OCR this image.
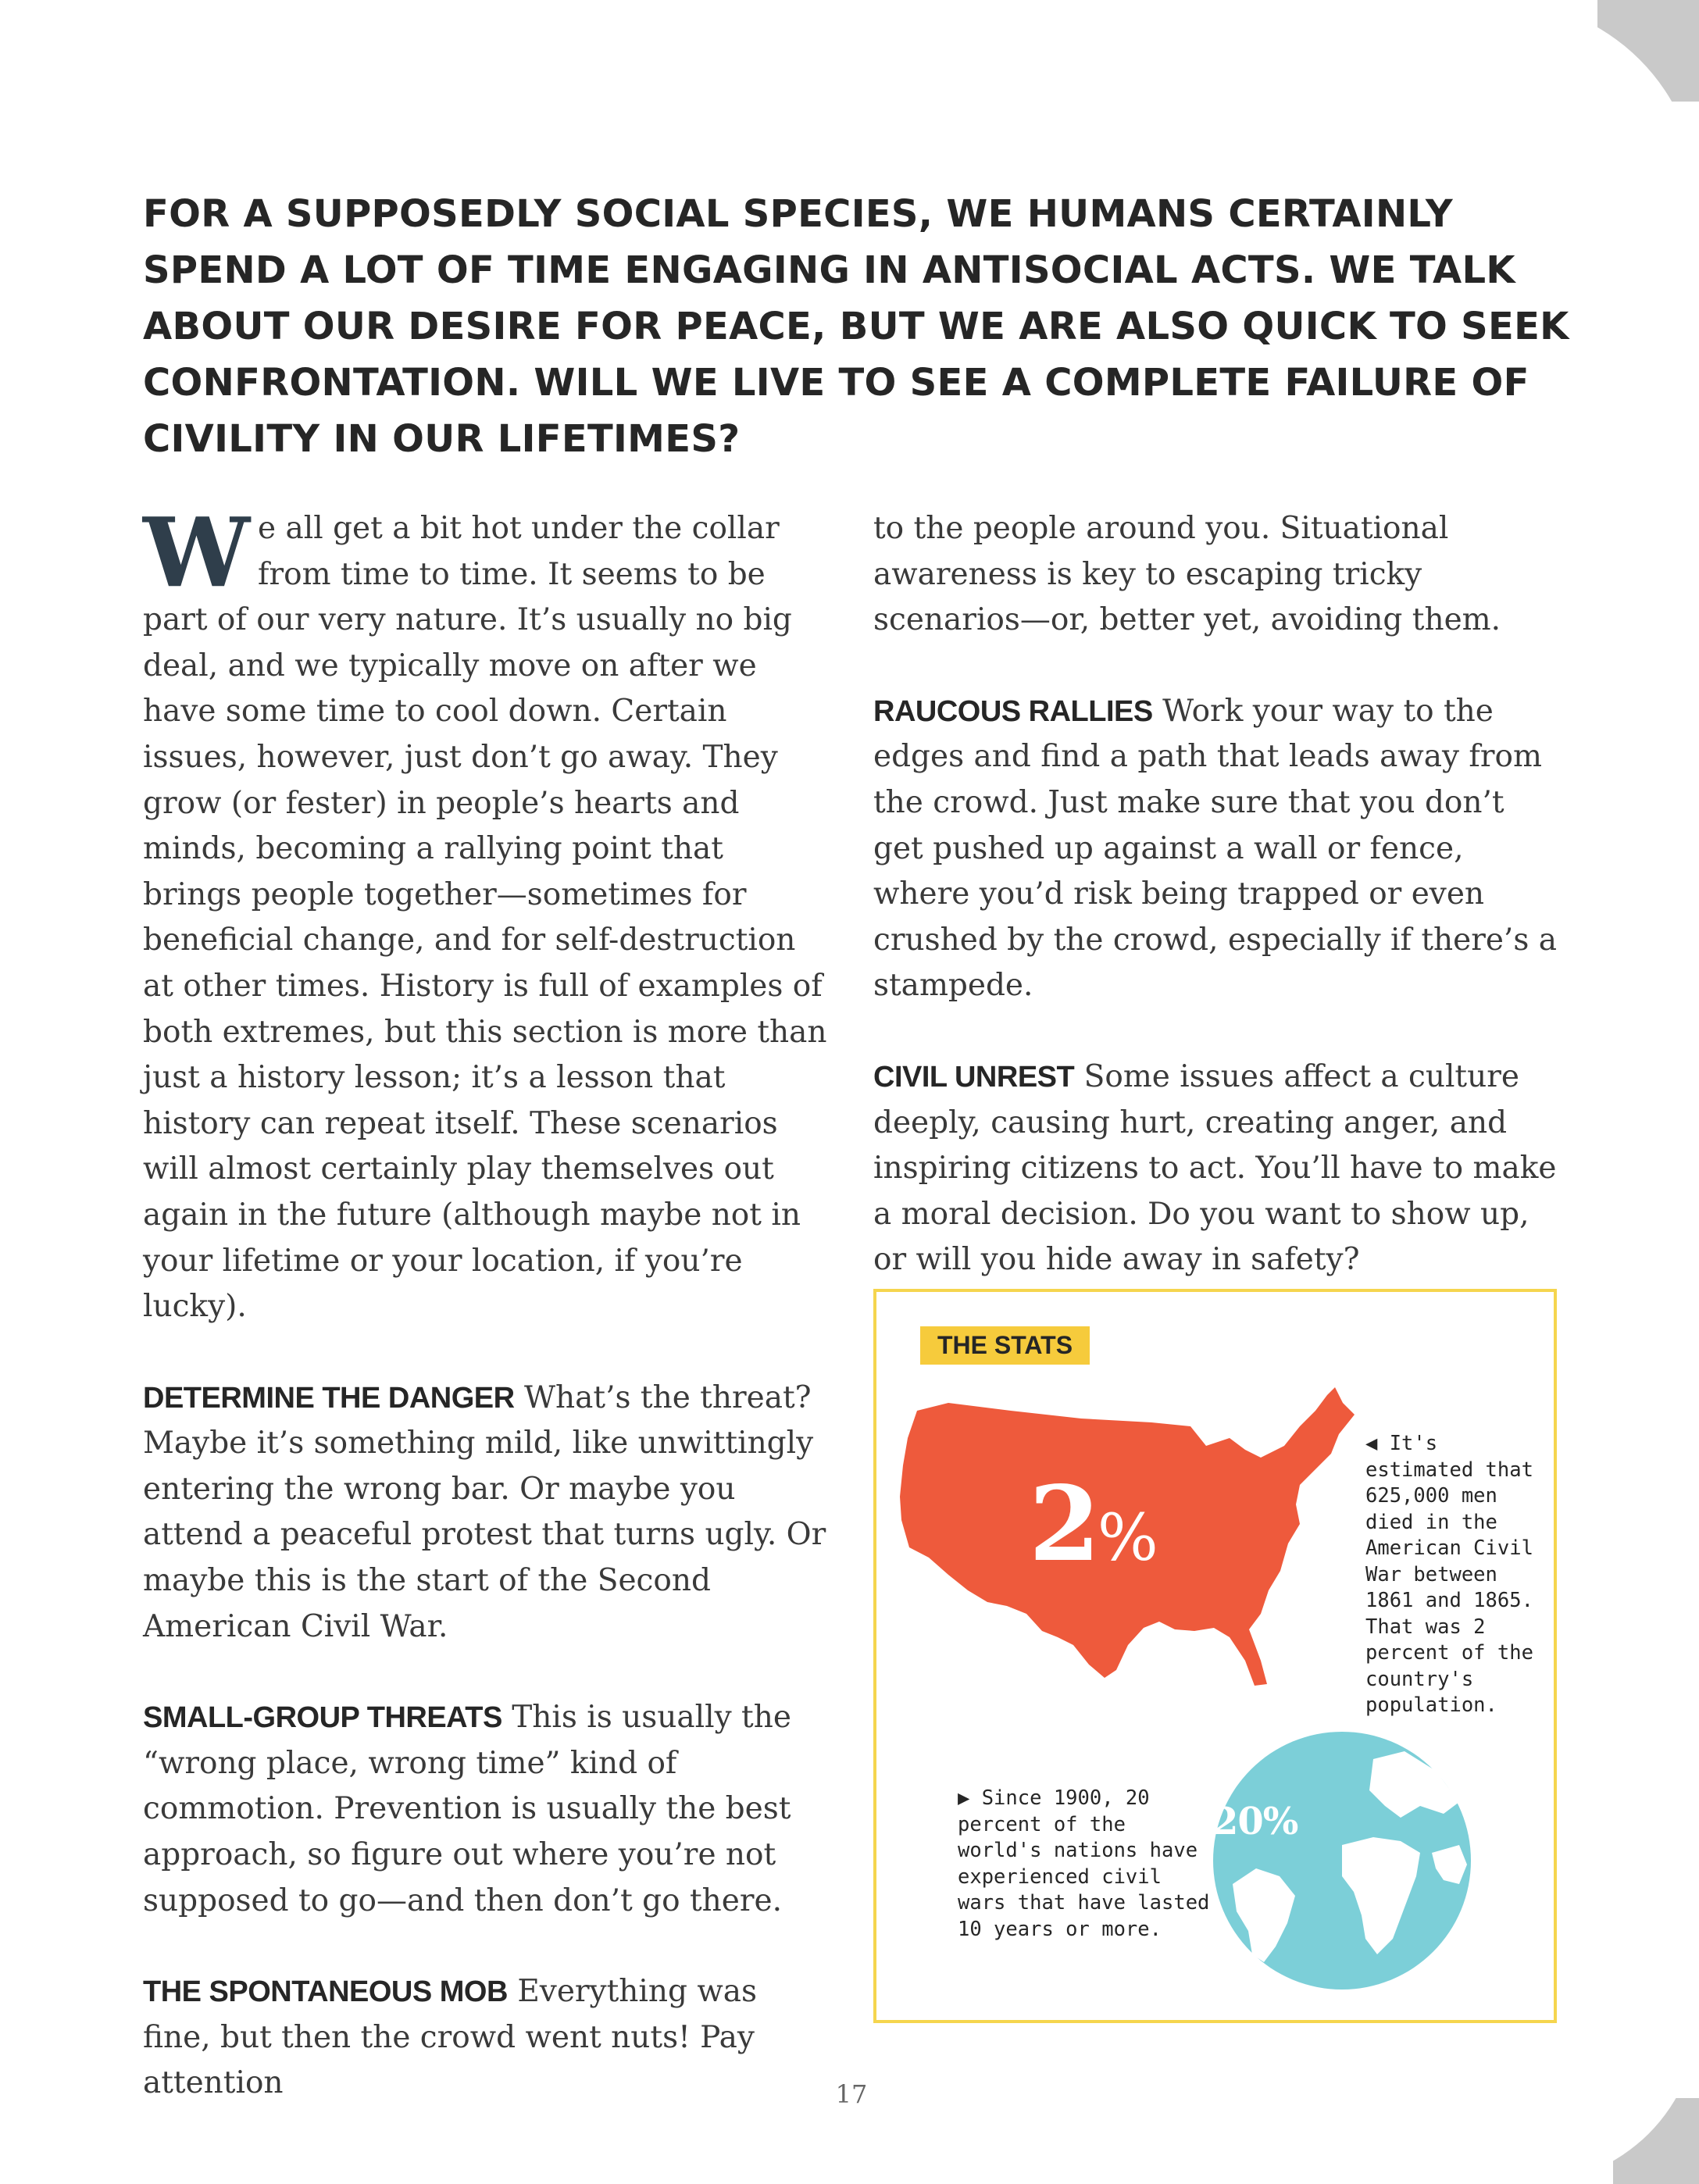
FOR A SUPPOSEDLY SOCIAL SPECIES, WE HUMANS CERTAINLY SPEND A LOT OF TIME ENGAGING IN ANTISOCIAL ACTS. WE TALK ABOUT OUR DESIRE FOR PEACE, BUT WE ARE ALSO QUICK TO SEEK CONFRONTATION. WILL WE LIVE TO SEE A COMPLETE FAILURE OF CIVILITY IN OUR LIFETIMES?

We all get a bit hot under the collar from time to time. It seems to be part of our very nature. It’s usually no big deal, and we typically move on after we have some time to cool down. Certain issues, however, just don’t go away. They grow (or fester) in people’s hearts and minds, becoming a rallying point that brings people together—sometimes for beneficial change, and for self-destruction at other times. History is full of examples of both extremes, but this section is more than just a history lesson; it’s a lesson that history can repeat itself. These scenarios will almost certainly play themselves out again in the future (although maybe not in your lifetime or your location, if you’re lucky).

DETERMINE THE DANGER What’s the threat? Maybe it’s something mild, like unwittingly entering the wrong bar. Or maybe you attend a peaceful protest that turns ugly. Or maybe this is the start of the Second American Civil War.

SMALL-GROUP THREATS This is usually the “wrong place, wrong time” kind of commotion. Prevention is usually the best approach, so figure out where you’re not supposed to go—and then don’t go there.

THE SPONTANEOUS MOB Everything was fine, but then the crowd went nuts! Pay attention

to the people around you. Situational awareness is key to escaping tricky scenarios—or, better yet, avoiding them.

RAUCOUS RALLIES Work your way to the edges and find a path that leads away from the crowd. Just make sure that you don’t get pushed up against a wall or fence, where you’d risk being trapped or even crushed by the crowd, especially if there’s a stampede.

CIVIL UNREST Some issues affect a culture deeply, causing hurt, creating anger, and inspiring citizens to act. You’ll have to make a moral decision. Do you want to show up, or will you hide away in safety?

THE STATS
2%
◀ It's estimated that 625,000 men died in the American Civil War between 1861 and 1865. That was 2 percent of the country's population.
▶ Since 1900, 20 percent of the world's nations have experienced civil wars that have lasted 10 years or more.
20%
17
